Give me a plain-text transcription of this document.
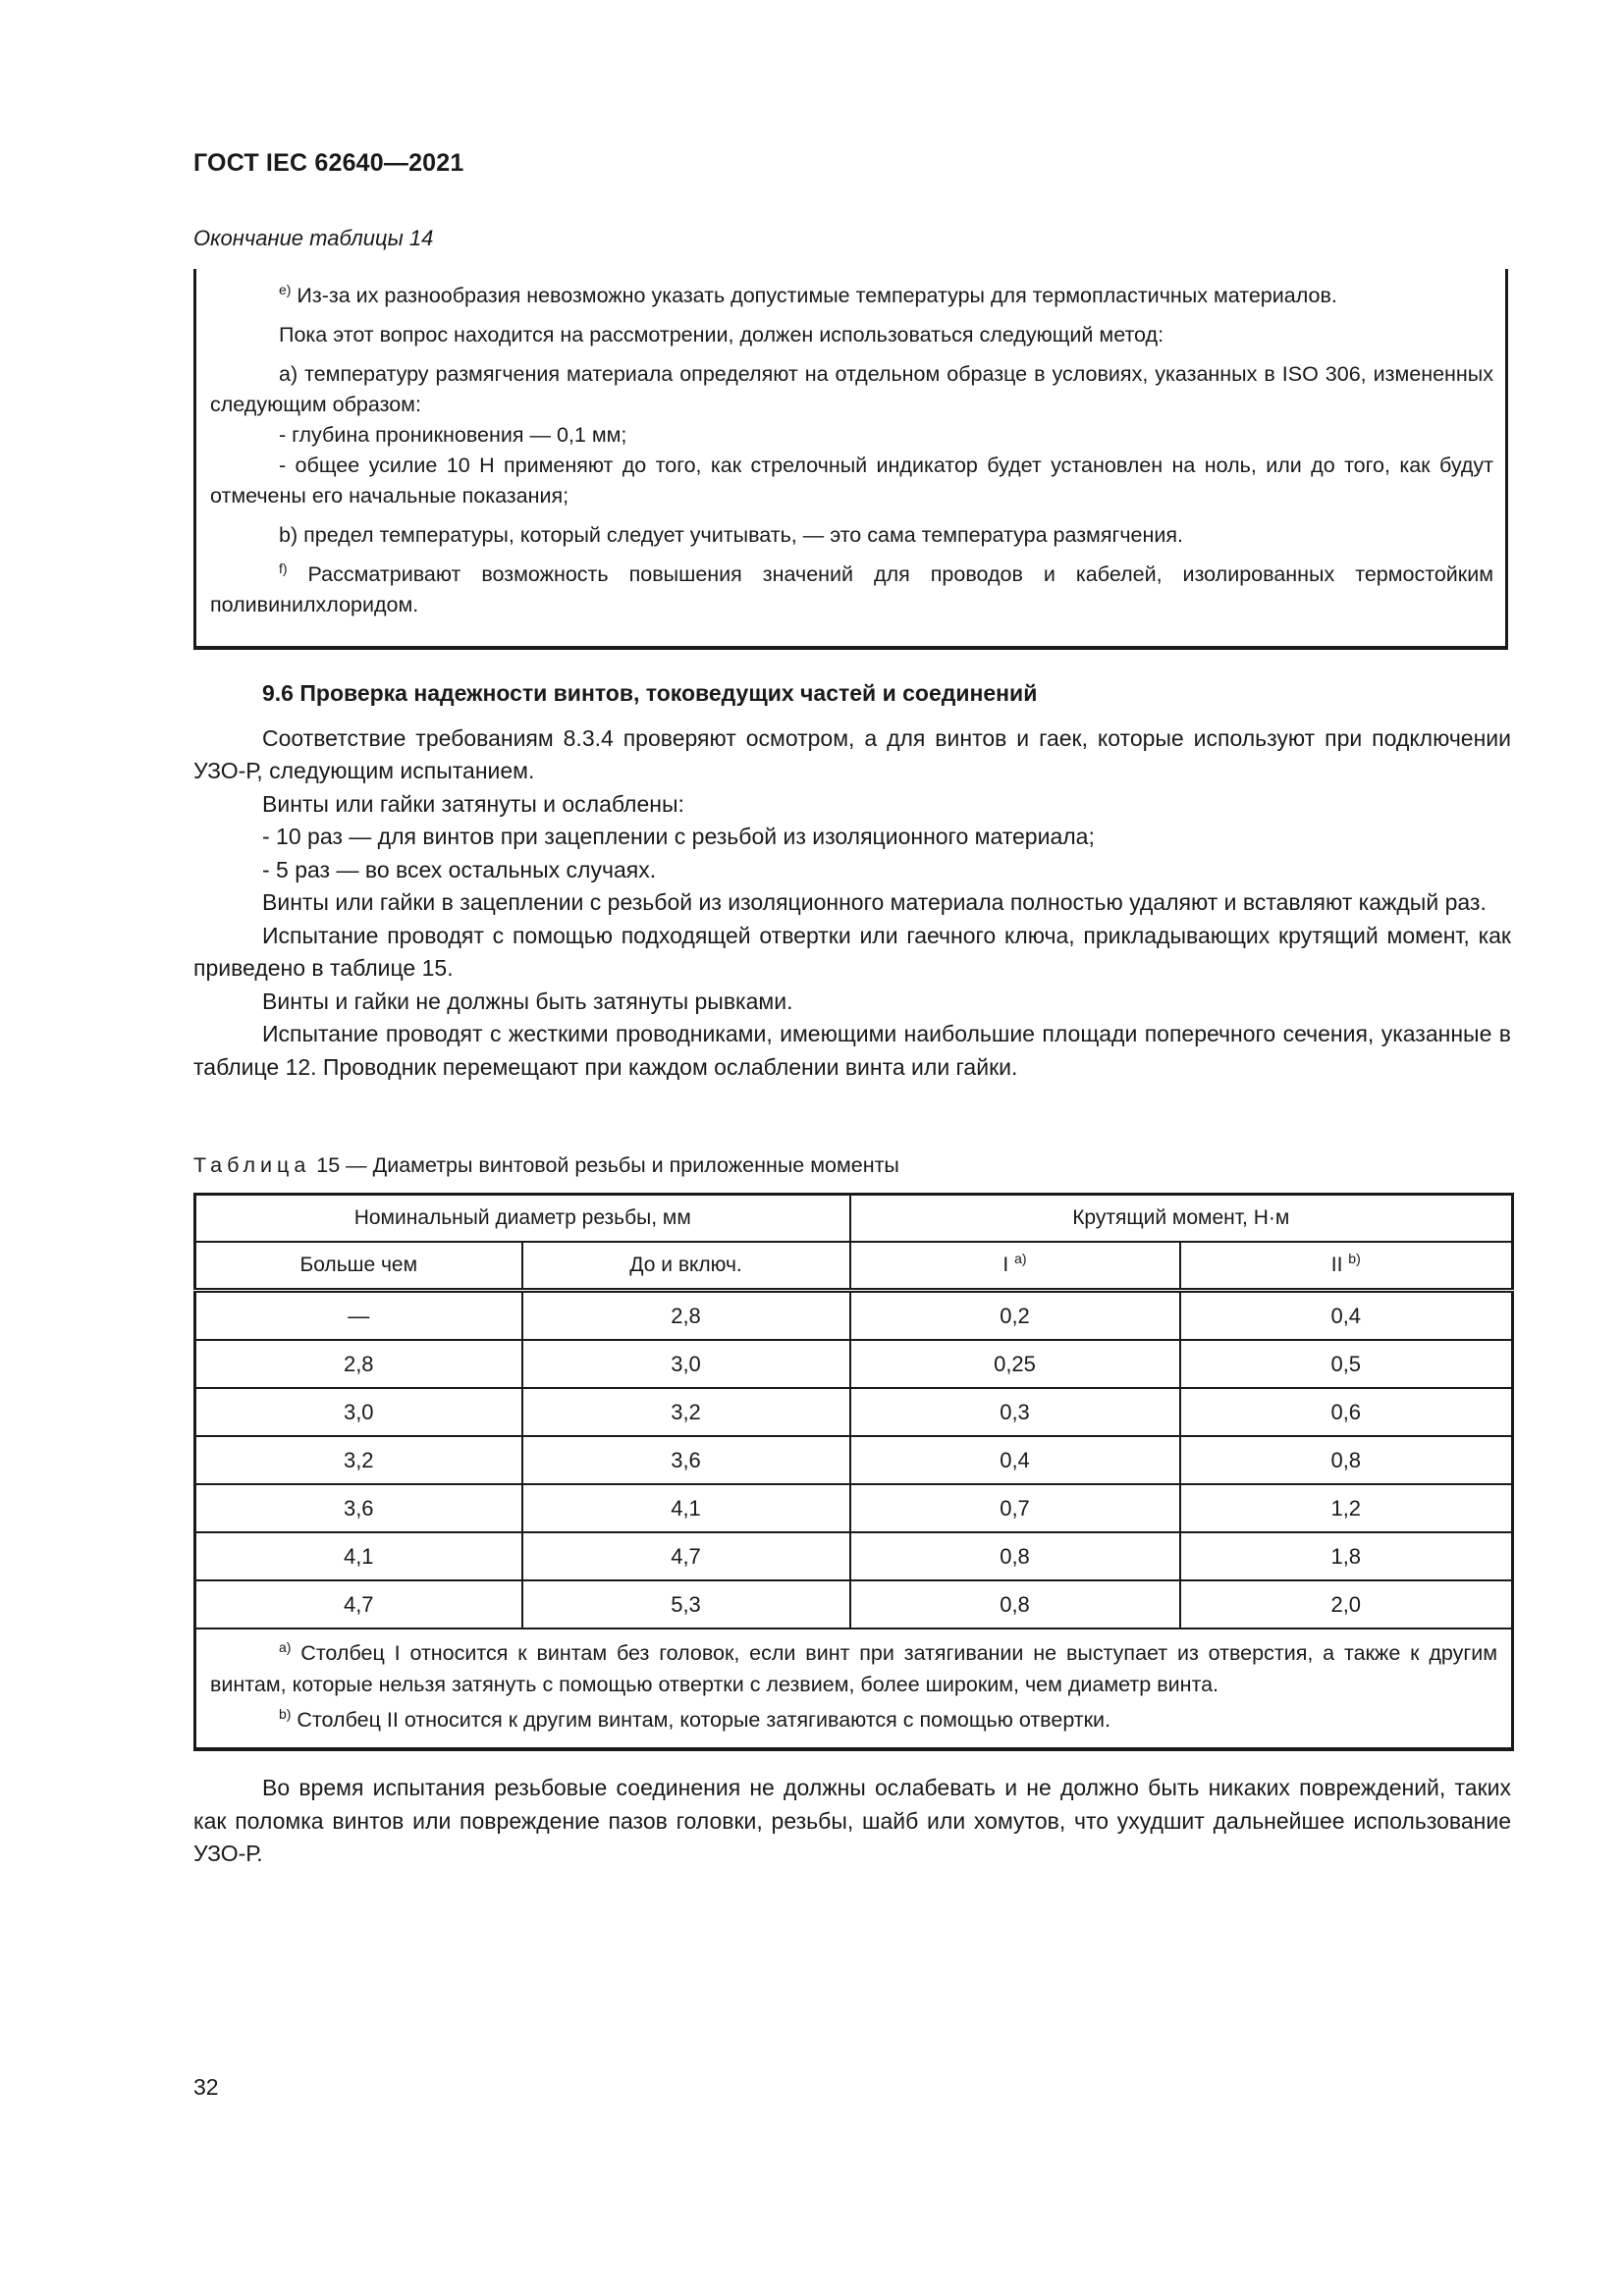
ГОСТ IEC 62640—2021
Окончание таблицы 14

$^{e)}$ Из-за их разнообразия невозможно указать допустимые температуры для термопластичных материалов.

Пока этот вопрос находится на рассмотрении, должен использоваться следующий метод:

a) температуру размягчения материала определяют на отдельном образце в условиях, указанных в ISO 306, измененных следующим образом:

- глубина проникновения — 0,1 мм;

- общее усилие 10 Н применяют до того, как стрелочный индикатор будет установлен на ноль, или до того, как будут отмечены его начальные показания;

b) предел температуры, который следует учитывать, — это сама температура размягчения.

$^{f)}$ Рассматривают возможность повышения значений для проводов и кабелей, изолированных термостойким поливинилхлоридом.

9.6 Проверка надежности винтов, токоведущих частей и соединений

Соответствие требованиям 8.3.4 проверяют осмотром, а для винтов и гаек, которые используют при подключении УЗО-Р, следующим испытанием.

Винты или гайки затянуты и ослаблены:

- 10 раз — для винтов при зацеплении с резьбой из изоляционного материала;

- 5 раз — во всех остальных случаях.

Винты или гайки в зацеплении с резьбой из изоляционного материала полностью удаляют и вставляют каждый раз.

Испытание проводят с помощью подходящей отвертки или гаечного ключа, прикладывающих крутящий момент, как приведено в таблице 15.

Винты и гайки не должны быть затянуты рывками.

Испытание проводят с жесткими проводниками, имеющими наибольшие площади поперечного сечения, указанные в таблице 12. Проводник перемещают при каждом ослаблении винта или гайки.

Таблица 15 — Диаметры винтовой резьбы и приложенные моменты
Номинальный диаметр резьбы, мм		Крутящий момент, Н·м	
Больше чем	До и включ.	I $^{a)}$	II $^{b)}$
—	2,8	0,2	0,4
2,8	3,0	0,25	0,5
3,0	3,2	0,3	0,6
3,2	3,6	0,4	0,8
3,6	4,1	0,7	1,2
4,1	4,7	0,8	1,8
4,7	5,3	0,8	2,0

$^{a)}$ Столбец I относится к винтам без головок, если винт при затягивании не выступает из отверстия, а также к другим винтам, которые нельзя затянуть с помощью отвертки с лезвием, более широким, чем диаметр винта.

$^{b)}$ Столбец II относится к другим винтам, которые затягиваются с помощью отвертки.			

Во время испытания резьбовые соединения не должны ослабевать и не должно быть никаких повреждений, таких как поломка винтов или повреждение пазов головки, резьбы, шайб или хомутов, что ухудшит дальнейшее использование УЗО-Р.

32
